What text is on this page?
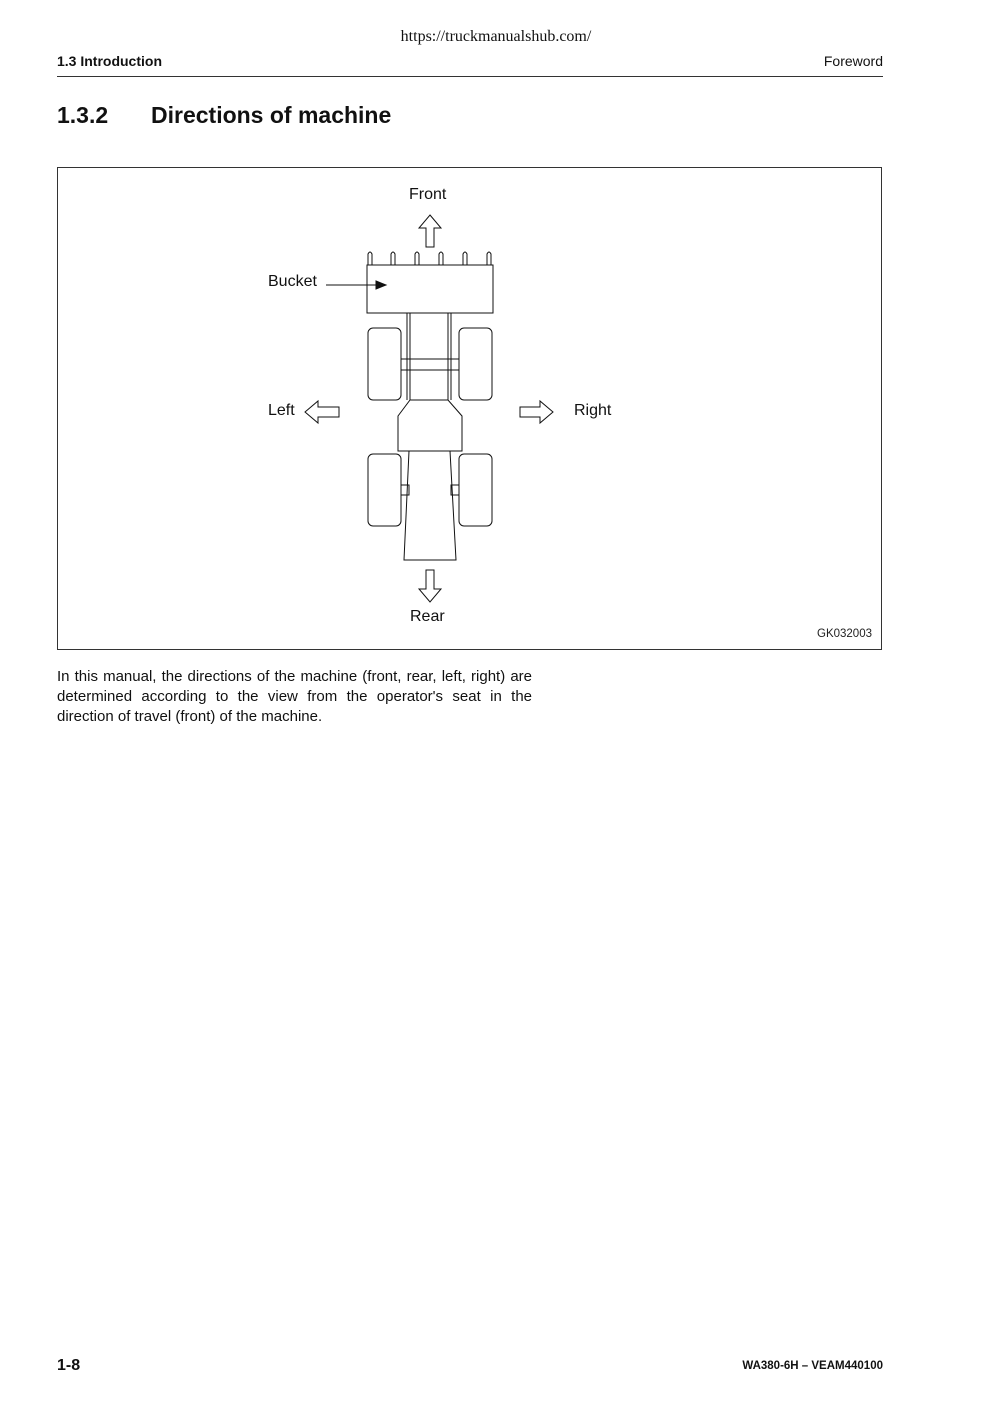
https://truckmanualshub.com/
1.3 Introduction	Foreword
1.3.2 Directions of machine
Front
Rear
Left	Right
Bucket
GK032003
In this manual, the directions of the machine (front, rear, left, right) are determined according to the view from the operator's seat in the direction of travel (front) of the machine.
1-8	WA380-6H – VEAM440100
